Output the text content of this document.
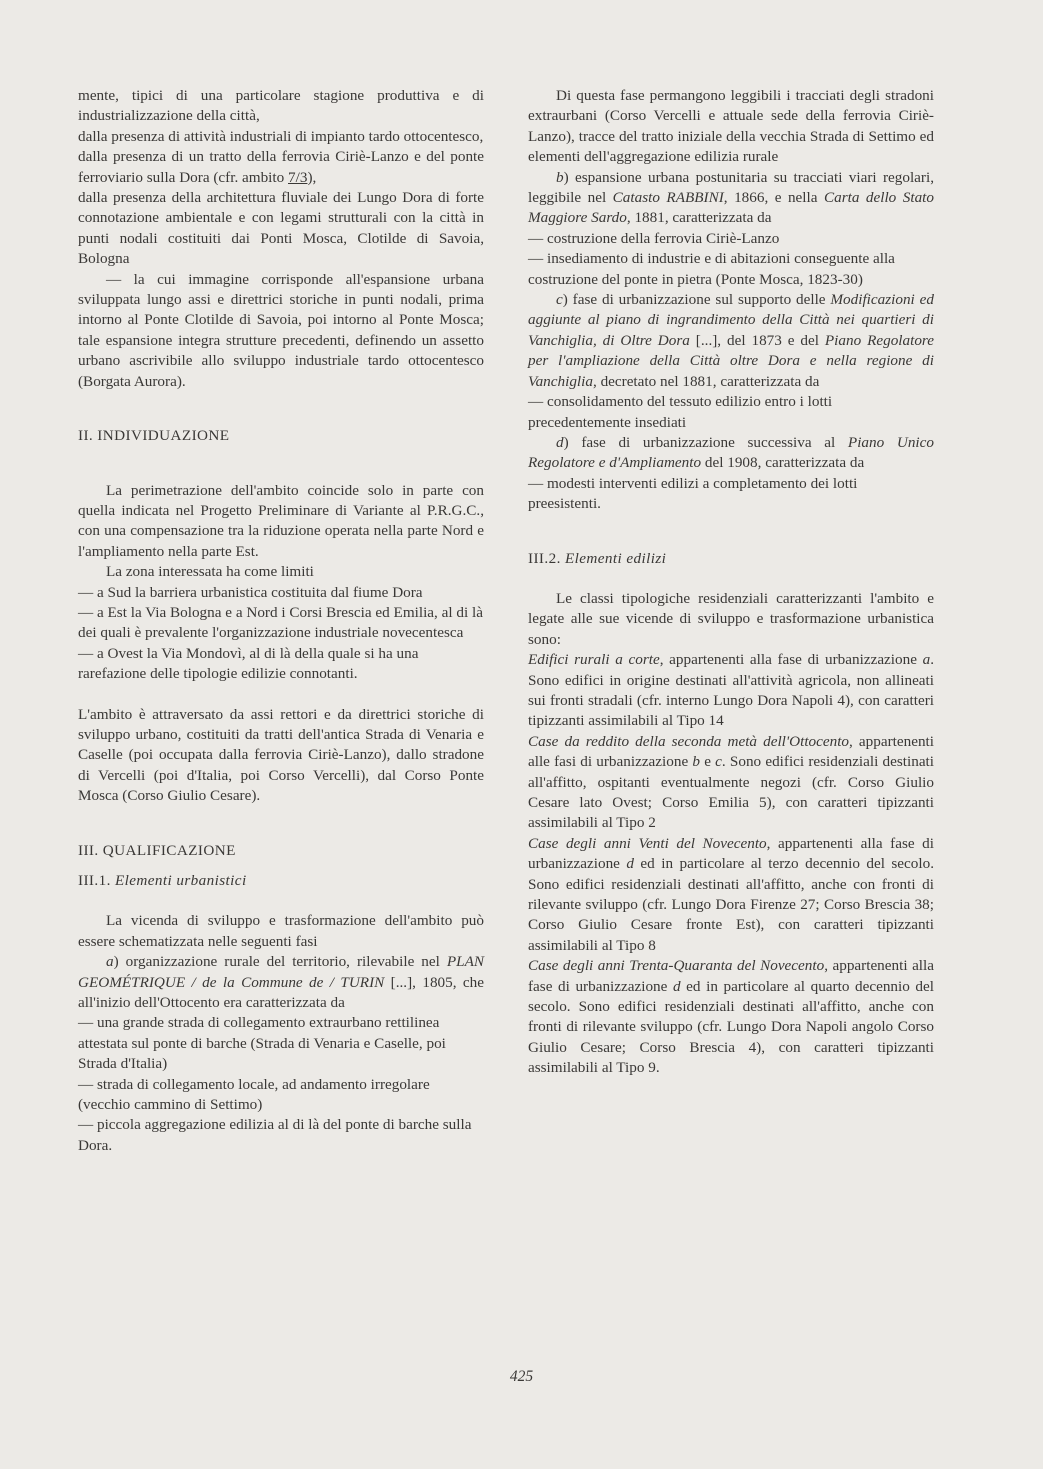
mente, tipici di una particolare stagione produttiva e di industrializzazione della città,

dalla presenza di attività industriali di impianto tardo ottocentesco,

dalla presenza di un tratto della ferrovia Ciriè-Lanzo e del ponte ferroviario sulla Dora (cfr. ambito 7/3),

dalla presenza della architettura fluviale dei Lungo Dora di forte connotazione ambientale e con legami strutturali con la città in punti nodali costituiti dai Ponti Mosca, Clotilde di Savoia, Bologna

— la cui immagine corrisponde all'espansione urbana sviluppata lungo assi e direttrici storiche in punti nodali, prima intorno al Ponte Clotilde di Savoia, poi intorno al Ponte Mosca; tale espansione integra strutture precedenti, definendo un assetto urbano ascrivibile allo sviluppo industriale tardo ottocentesco (Borgata Aurora).

II. INDIVIDUAZIONE

La perimetrazione dell'ambito coincide solo in parte con quella indicata nel Progetto Preliminare di Variante al P.R.G.C., con una compensazione tra la riduzione operata nella parte Nord e l'ampliamento nella parte Est.

La zona interessata ha come limiti

— a Sud la barriera urbanistica costituita dal fiume Dora

— a Est la Via Bologna e a Nord i Corsi Brescia ed Emilia, al di là dei quali è prevalente l'organizzazione industriale novecentesca

— a Ovest la Via Mondovì, al di là della quale si ha una rarefazione delle tipologie edilizie connotanti.

L'ambito è attraversato da assi rettori e da direttrici storiche di sviluppo urbano, costituiti da tratti dell'antica Strada di Venaria e Caselle (poi occupata dalla ferrovia Ciriè-Lanzo), dallo stradone di Vercelli (poi d'Italia, poi Corso Vercelli), dal Corso Ponte Mosca (Corso Giulio Cesare).

III. QUALIFICAZIONE
III.1. Elementi urbanistici

La vicenda di sviluppo e trasformazione dell'ambito può essere schematizzata nelle seguenti fasi

a) organizzazione rurale del territorio, rilevabile nel PLAN GEOMÉTRIQUE / de la Commune de / TURIN [...], 1805, che all'inizio dell'Ottocento era caratterizzata da

— una grande strada di collegamento extraurbano rettilinea attestata sul ponte di barche (Strada di Venaria e Caselle, poi Strada d'Italia)

— strada di collegamento locale, ad andamento irregolare (vecchio cammino di Settimo)

— piccola aggregazione edilizia al di là del ponte di barche sulla Dora.

Di questa fase permangono leggibili i tracciati degli stradoni extraurbani (Corso Vercelli e attuale sede della ferrovia Ciriè-Lanzo), tracce del tratto iniziale della vecchia Strada di Settimo ed elementi dell'aggregazione edilizia rurale

b) espansione urbana postunitaria su tracciati viari regolari, leggibile nel Catasto RABBINI, 1866, e nella Carta dello Stato Maggiore Sardo, 1881, caratterizzata da

— costruzione della ferrovia Ciriè-Lanzo

— insediamento di industrie e di abitazioni conseguente alla costruzione del ponte in pietra (Ponte Mosca, 1823-30)

c) fase di urbanizzazione sul supporto delle Modificazioni ed aggiunte al piano di ingrandimento della Città nei quartieri di Vanchiglia, di Oltre Dora [...], del 1873 e del Piano Regolatore per l'ampliazione della Città oltre Dora e nella regione di Vanchiglia, decretato nel 1881, caratterizzata da

— consolidamento del tessuto edilizio entro i lotti precedentemente insediati

d) fase di urbanizzazione successiva al Piano Unico Regolatore e d'Ampliamento del 1908, caratterizzata da

— modesti interventi edilizi a completamento dei lotti preesistenti.

III.2. Elementi edilizi

Le classi tipologiche residenziali caratterizzanti l'ambito e legate alle sue vicende di sviluppo e trasformazione urbanistica sono:

Edifici rurali a corte, appartenenti alla fase di urbanizzazione a. Sono edifici in origine destinati all'attività agricola, non allineati sui fronti stradali (cfr. interno Lungo Dora Napoli 4), con caratteri tipizzanti assimilabili al Tipo 14

Case da reddito della seconda metà dell'Ottocento, appartenenti alle fasi di urbanizzazione b e c. Sono edifici residenziali destinati all'affitto, ospitanti eventualmente negozi (cfr. Corso Giulio Cesare lato Ovest; Corso Emilia 5), con caratteri tipizzanti assimilabili al Tipo 2

Case degli anni Venti del Novecento, appartenenti alla fase di urbanizzazione d ed in particolare al terzo decennio del secolo. Sono edifici residenziali destinati all'affitto, anche con fronti di rilevante sviluppo (cfr. Lungo Dora Firenze 27; Corso Brescia 38; Corso Giulio Cesare fronte Est), con caratteri tipizzanti assimilabili al Tipo 8

Case degli anni Trenta-Quaranta del Novecento, appartenenti alla fase di urbanizzazione d ed in particolare al quarto decennio del secolo. Sono edifici residenziali destinati all'affitto, anche con fronti di rilevante sviluppo (cfr. Lungo Dora Napoli angolo Corso Giulio Cesare; Corso Brescia 4), con caratteri tipizzanti assimilabili al Tipo 9.

425
